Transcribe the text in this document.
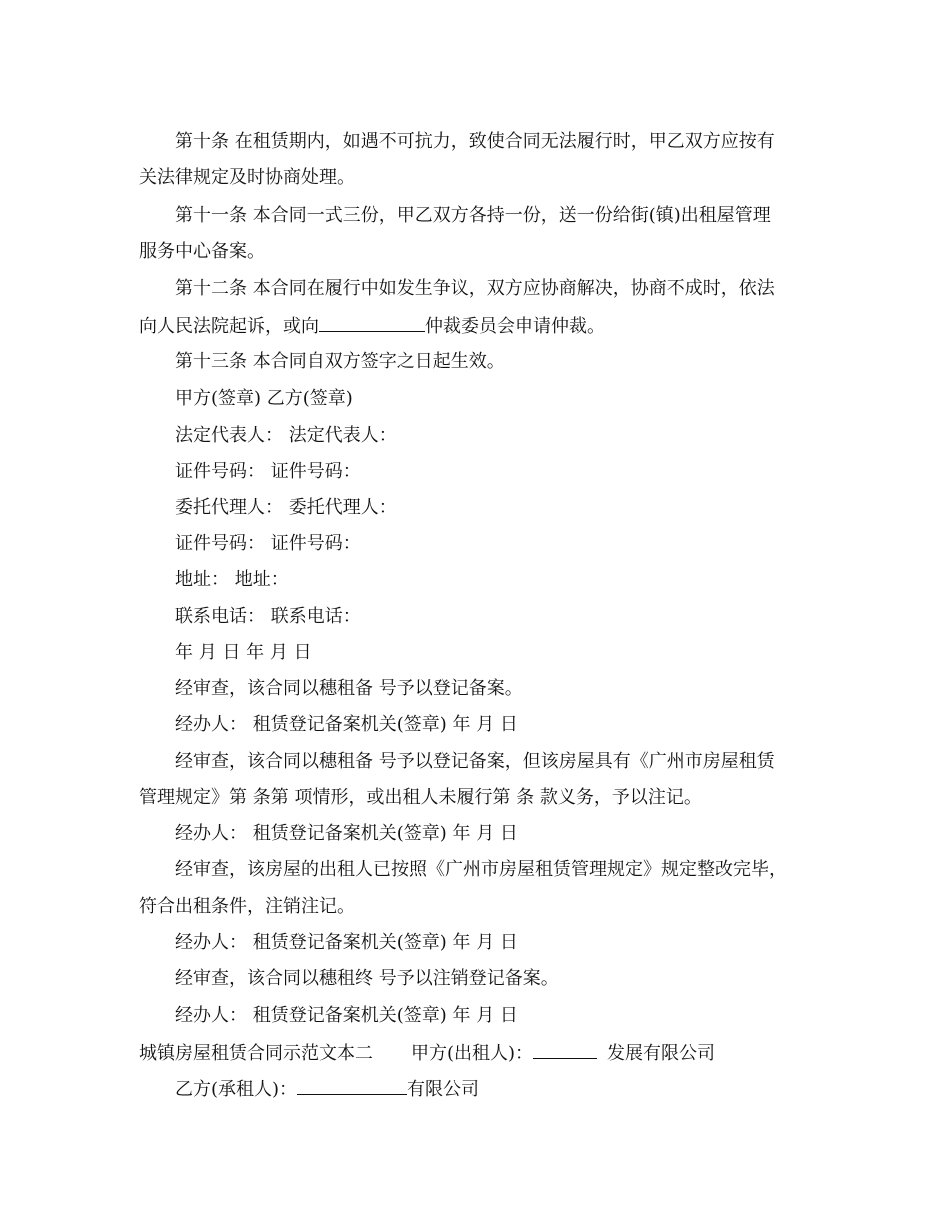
第十条 在租赁期内，如遇不可抗力，致使合同无法履行时，甲乙双方应按有
关法律规定及时协商处理。
第十一条 本合同一式三份，甲乙双方各持一份，送一份给街(镇)出租屋管理
服务中心备案。
第十二条 本合同在履行中如发生争议，双方应协商解决，协商不成时，依法
向人民法院起诉，或向	仲裁委员会申请仲裁。
第十三条 本合同自双方签字之日起生效。
甲方(签章) 乙方(签章)
法定代表人： 法定代表人：
证件号码： 证件号码：
委托代理人： 委托代理人：
证件号码： 证件号码：
地址： 地址：
联系电话： 联系电话：
年 月 日 年 月 日
经审查，该合同以穗租备 号予以登记备案。
经办人： 租赁登记备案机关(签章) 年 月 日
经审查，该合同以穗租备 号予以登记备案，但该房屋具有《广州市房屋租赁
管理规定》第 条第 项情形，或出租人未履行第 条 款义务，予以注记。
经办人： 租赁登记备案机关(签章) 年 月 日
经审查，该房屋的出租人已按照《广州市房屋租赁管理规定》规定整改完毕，
符合出租条件，注销注记。
经办人： 租赁登记备案机关(签章) 年 月 日
经审查，该合同以穗租终 号予以注销登记备案。
经办人： 租赁登记备案机关(签章) 年 月 日
城镇房屋租赁合同示范文本二 甲方(出租人)：	发展有限公司
乙方(承租人)：	有限公司
